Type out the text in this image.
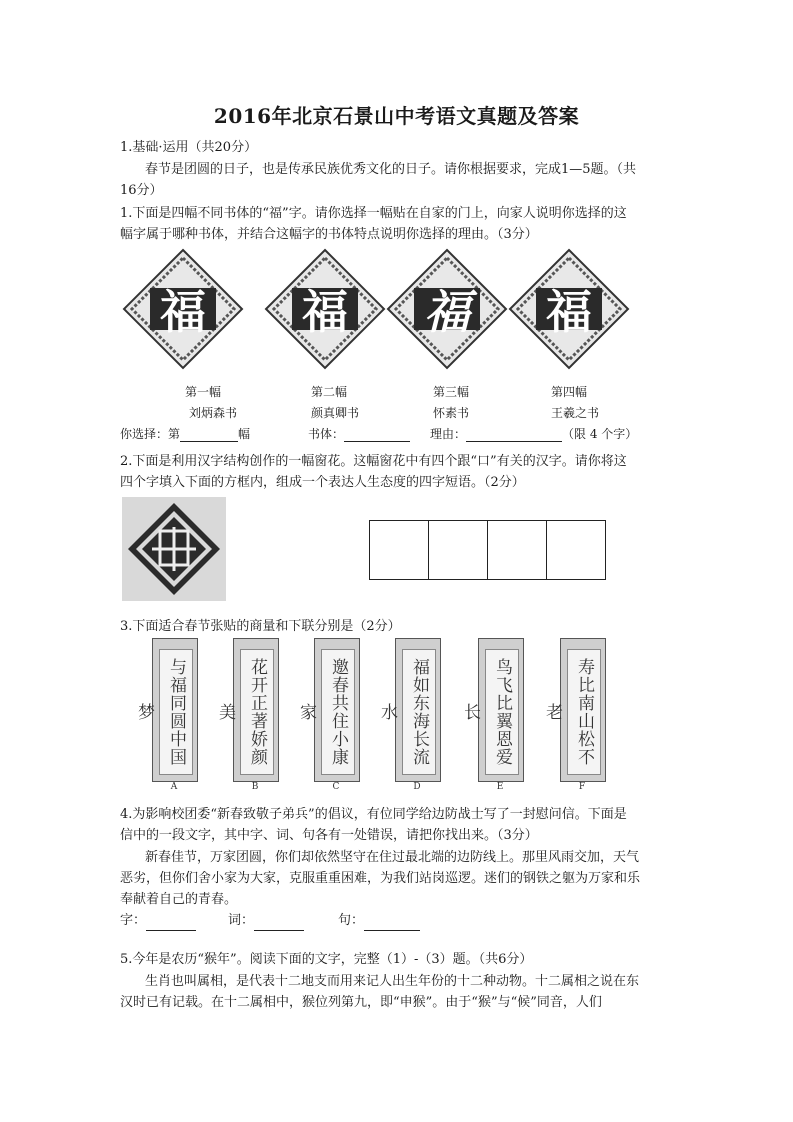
2016年北京石景山中考语文真题及答案
1.基础·运用（共20分）
春节是团圆的日子，也是传承民族优秀文化的日子。请你根据要求，完成1—5题。（共
16分）
1.下面是四幅不同书体的“福”字。请你选择一幅贴在自家的门上，向家人说明你选择的这
幅字属于哪种书体，并结合这幅字的书体特点说明你选择的理由。（3分）
福	福	福	福
第一幅	第二幅	第三幅	第四幅
刘炳森书	颜真卿书	怀素书	王羲之书
你选择：第	幅	书体：	理由：	（限 4 个字）
2.下面是利用汉字结构创作的一幅窗花。这幅窗花中有四个跟“口”有关的汉字。请你将这
四个字填入下面的方框内，组成一个表达人生态度的四字短语。（2分）
3.下面适合春节张贴的商量和下联分别是（2分）
与福同圆中国梦	花开正著娇颜美	邀春共住小康家	福如东海长流水	鸟飞比翼恩爱长	寿比南山松不老
A	B	C	D	E	F
4.为影响校团委“新春致敬子弟兵”的倡议，有位同学给边防战士写了一封慰问信。下面是
信中的一段文字，其中字、词、句各有一处错误，请把你找出来。（3分）
新春佳节，万家团圆，你们却依然坚守在住过最北端的边防线上。那里风雨交加，天气
恶劣，但你们舍小家为大家，克服重重困难，为我们站岗巡逻。迷们的钢铁之躯为万家和乐
奉献着自己的青春。
字：	词：	句：
5.今年是农历“猴年”。阅读下面的文字，完整（1）-（3）题。（共6分）
生肖也叫属相，是代表十二地支而用来记人出生年份的十二种动物。十二属相之说在东
汉时已有记载。在十二属相中，猴位列第九，即“申猴”。由于“猴”与“候”同音，人们
